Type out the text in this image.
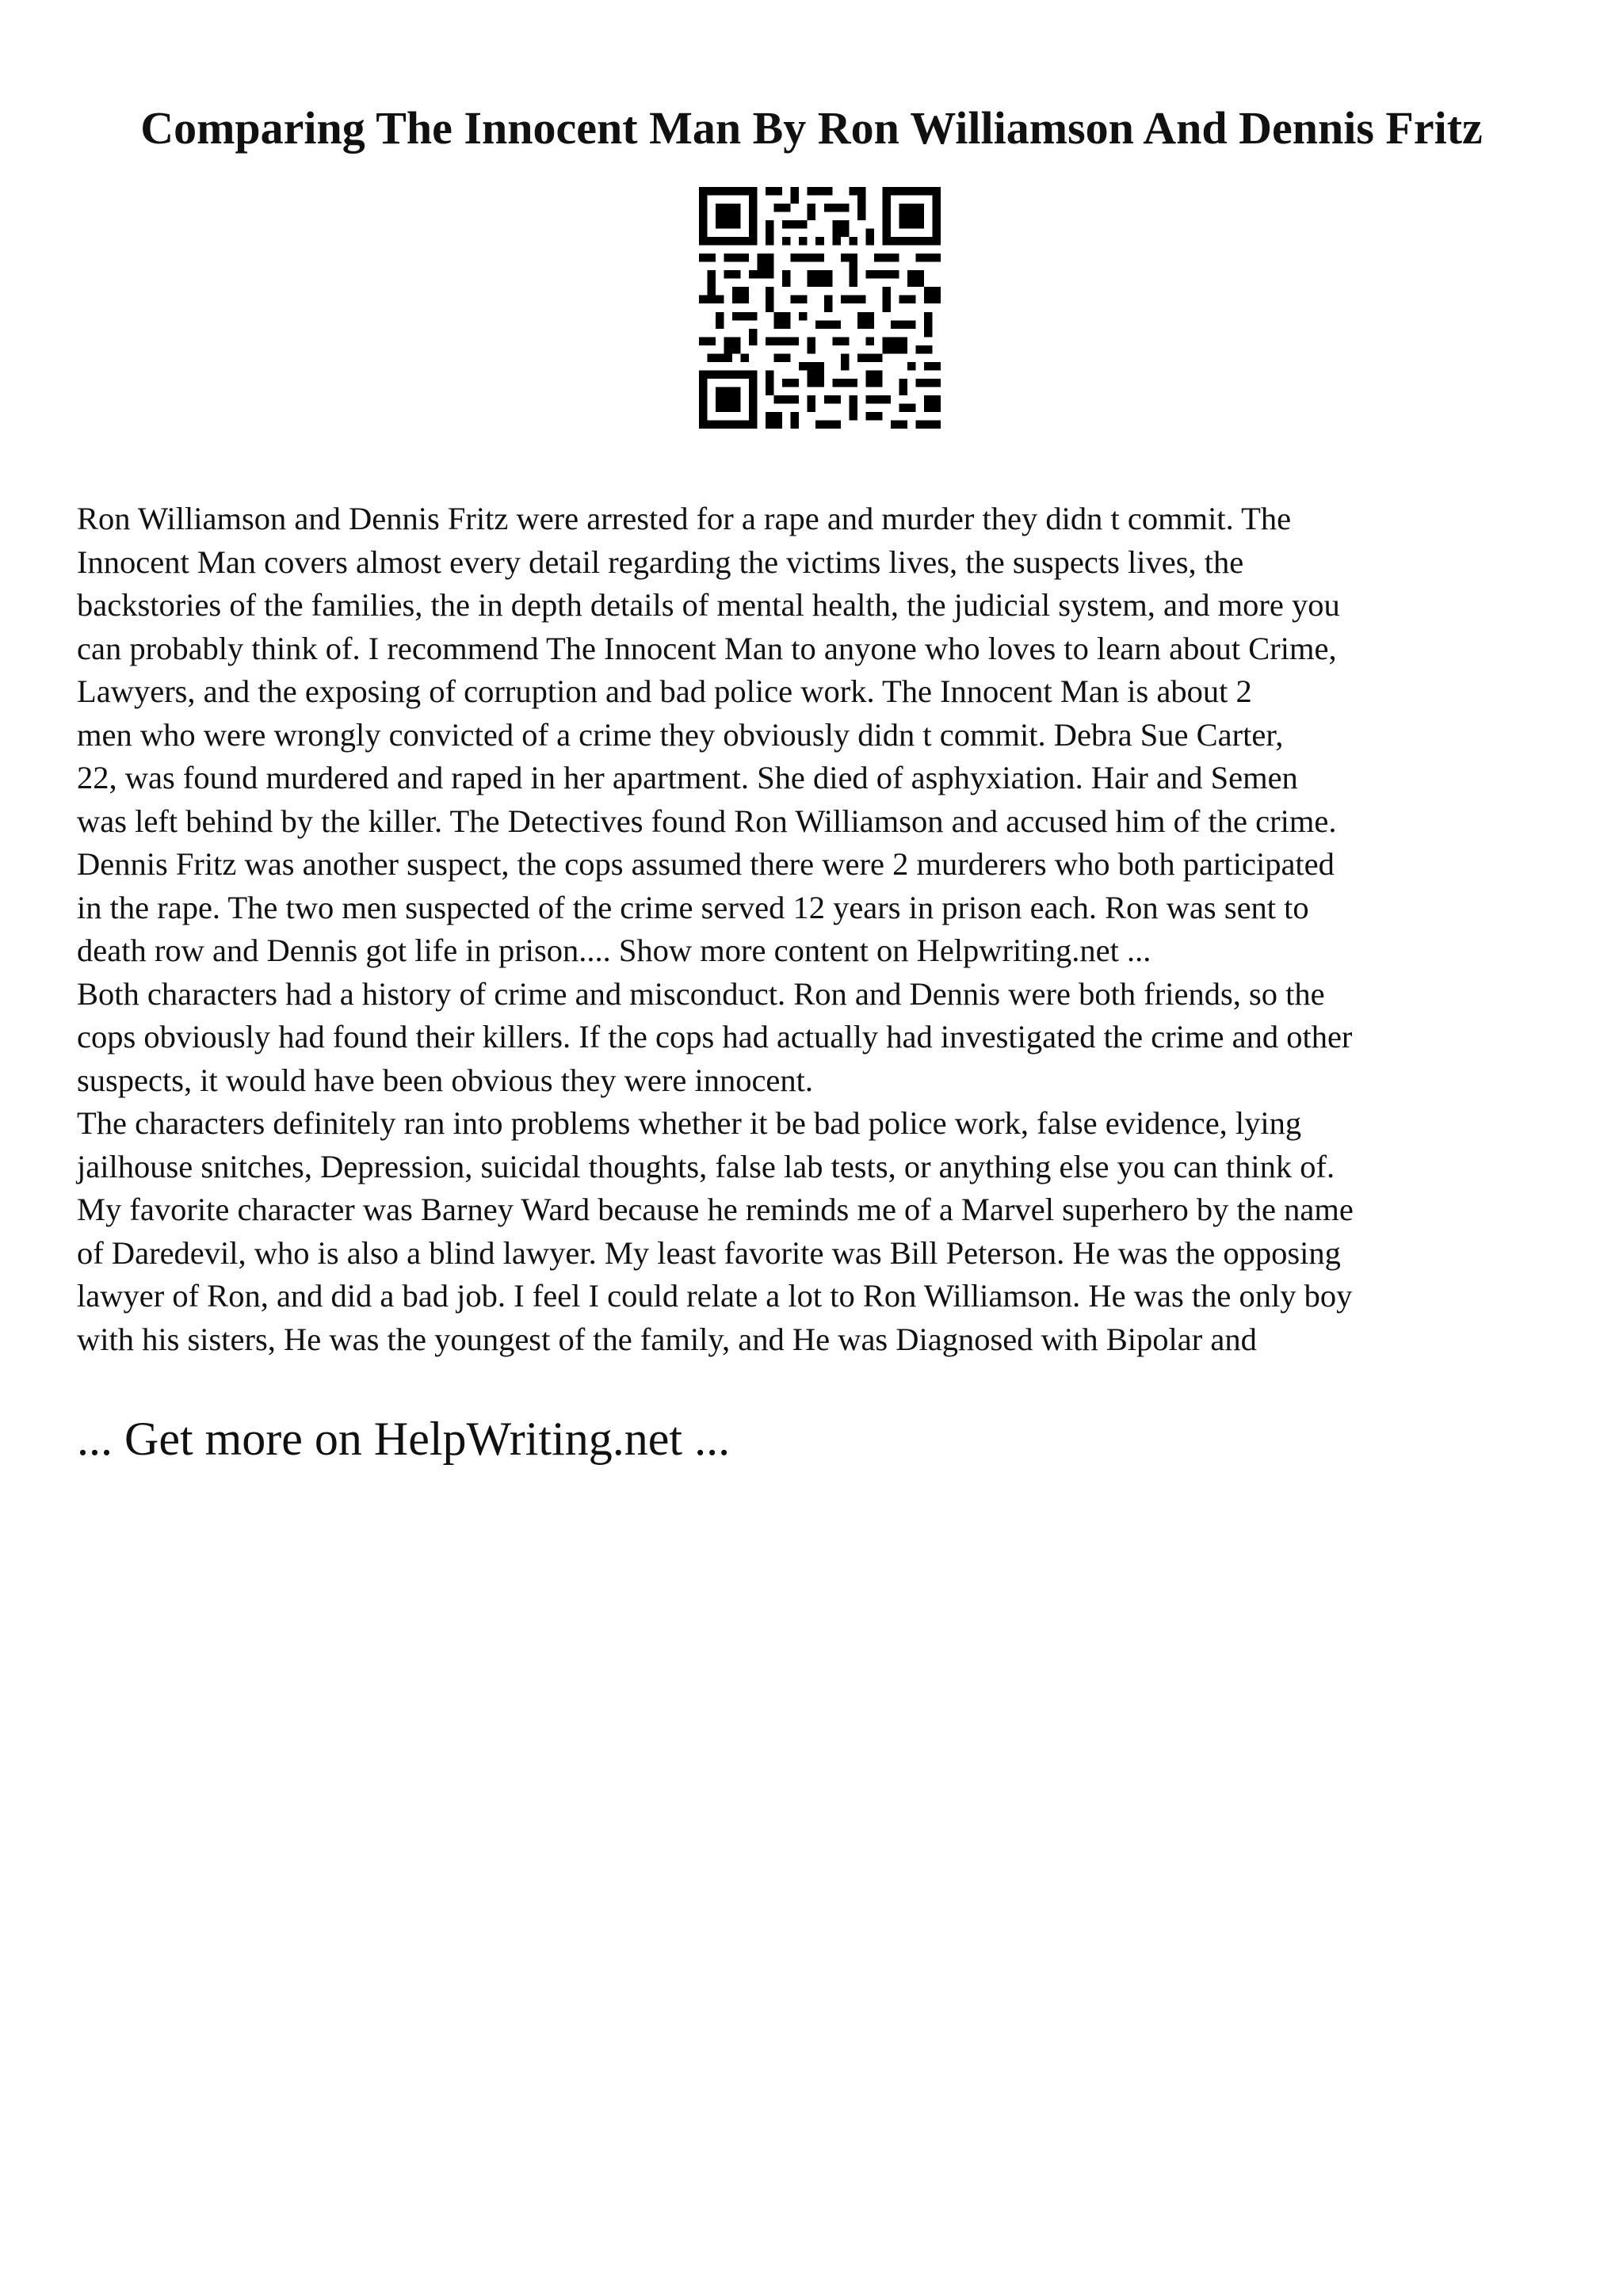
Comparing The Innocent Man By Ron Williamson And Dennis Fritz
Ron Williamson and Dennis Fritz were arrested for a rape and murder they didn t commit. The
Innocent Man covers almost every detail regarding the victims lives, the suspects lives, the
backstories of the families, the in depth details of mental health, the judicial system, and more you
can probably think of. I recommend The Innocent Man to anyone who loves to learn about Crime,
Lawyers, and the exposing of corruption and bad police work. The Innocent Man is about 2
men who were wrongly convicted of a crime they obviously didn t commit. Debra Sue Carter,
22, was found murdered and raped in her apartment. She died of asphyxiation. Hair and Semen
was left behind by the killer. The Detectives found Ron Williamson and accused him of the crime.
Dennis Fritz was another suspect, the cops assumed there were 2 murderers who both participated
in the rape. The two men suspected of the crime served 12 years in prison each. Ron was sent to
death row and Dennis got life in prison.... Show more content on Helpwriting.net ...
Both characters had a history of crime and misconduct. Ron and Dennis were both friends, so the
cops obviously had found their killers. If the cops had actually had investigated the crime and other
suspects, it would have been obvious they were innocent.
The characters definitely ran into problems whether it be bad police work, false evidence, lying
jailhouse snitches, Depression, suicidal thoughts, false lab tests, or anything else you can think of.
My favorite character was Barney Ward because he reminds me of a Marvel superhero by the name
of Daredevil, who is also a blind lawyer. My least favorite was Bill Peterson. He was the opposing
lawyer of Ron, and did a bad job. I feel I could relate a lot to Ron Williamson. He was the only boy
with his sisters, He was the youngest of the family, and He was Diagnosed with Bipolar and
... Get more on HelpWriting.net ...
